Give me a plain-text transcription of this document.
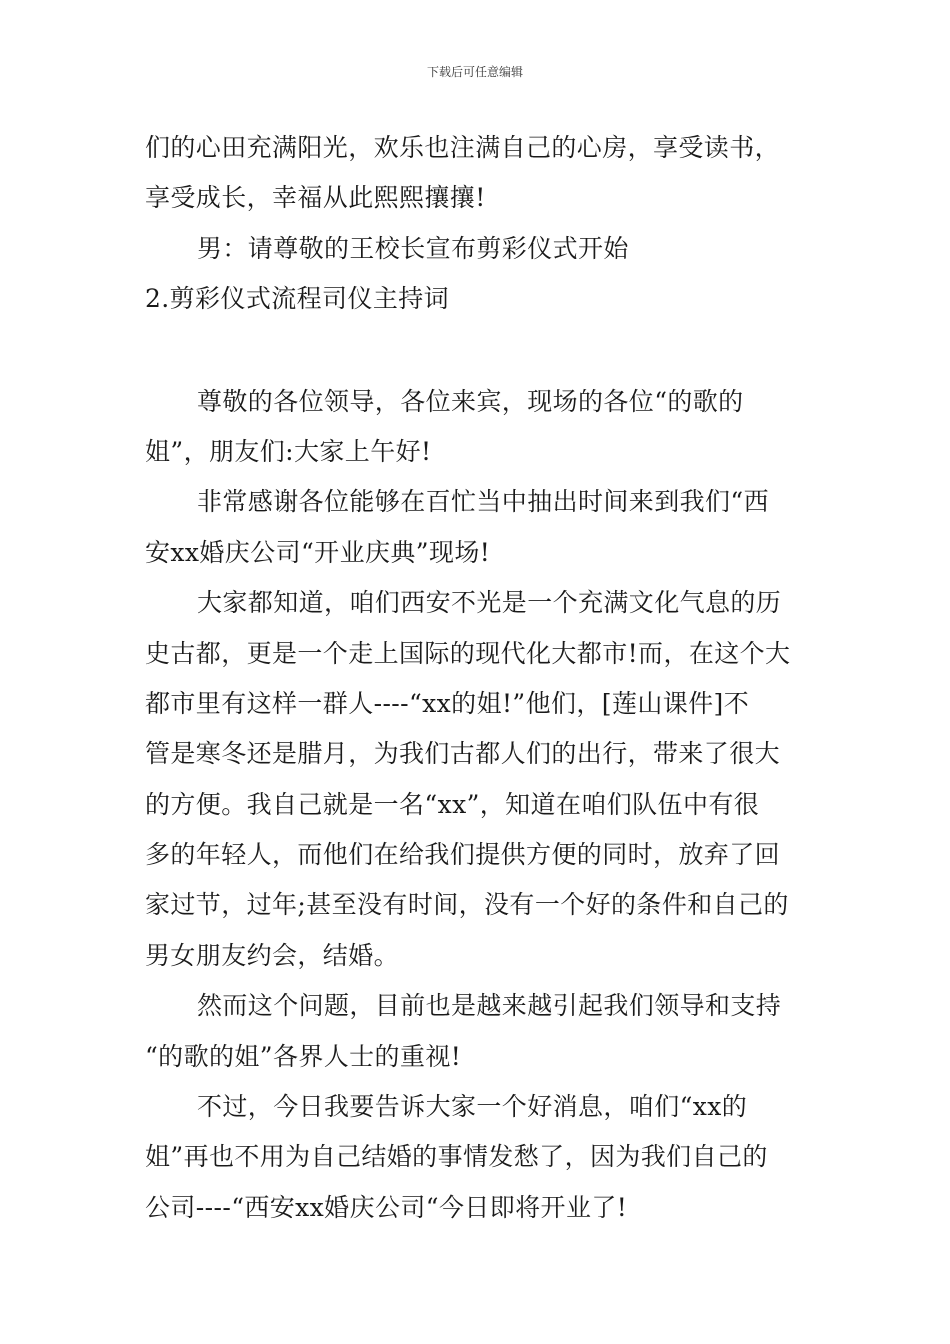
下载后可任意编辑
们的心田充满阳光，欢乐也注满自己的心房，享受读书，
享受成长，幸福从此熙熙攘攘!
男：请尊敬的王校长宣布剪彩仪式开始
2.剪彩仪式流程司仪主持词
尊敬的各位领导，各位来宾，现场的各位“的歌的
姐”，朋友们:大家上午好!
非常感谢各位能够在百忙当中抽出时间来到我们“西
安xx婚庆公司“开业庆典”现场!
大家都知道，咱们西安不光是一个充满文化气息的历
史古都，更是一个走上国际的现代化大都市!而，在这个大
都市里有这样一群人----“xx的姐!”他们，[莲山课件]不
管是寒冬还是腊月，为我们古都人们的出行，带来了很大
的方便。我自己就是一名“xx”，知道在咱们队伍中有很
多的年轻人，而他们在给我们提供方便的同时，放弃了回
家过节，过年;甚至没有时间，没有一个好的条件和自己的
男女朋友约会，结婚。
然而这个问题，目前也是越来越引起我们领导和支持
“的歌的姐”各界人士的重视!
不过，今日我要告诉大家一个好消息，咱们“xx的
姐”再也不用为自己结婚的事情发愁了，因为我们自己的
公司----“西安xx婚庆公司“今日即将开业了!
